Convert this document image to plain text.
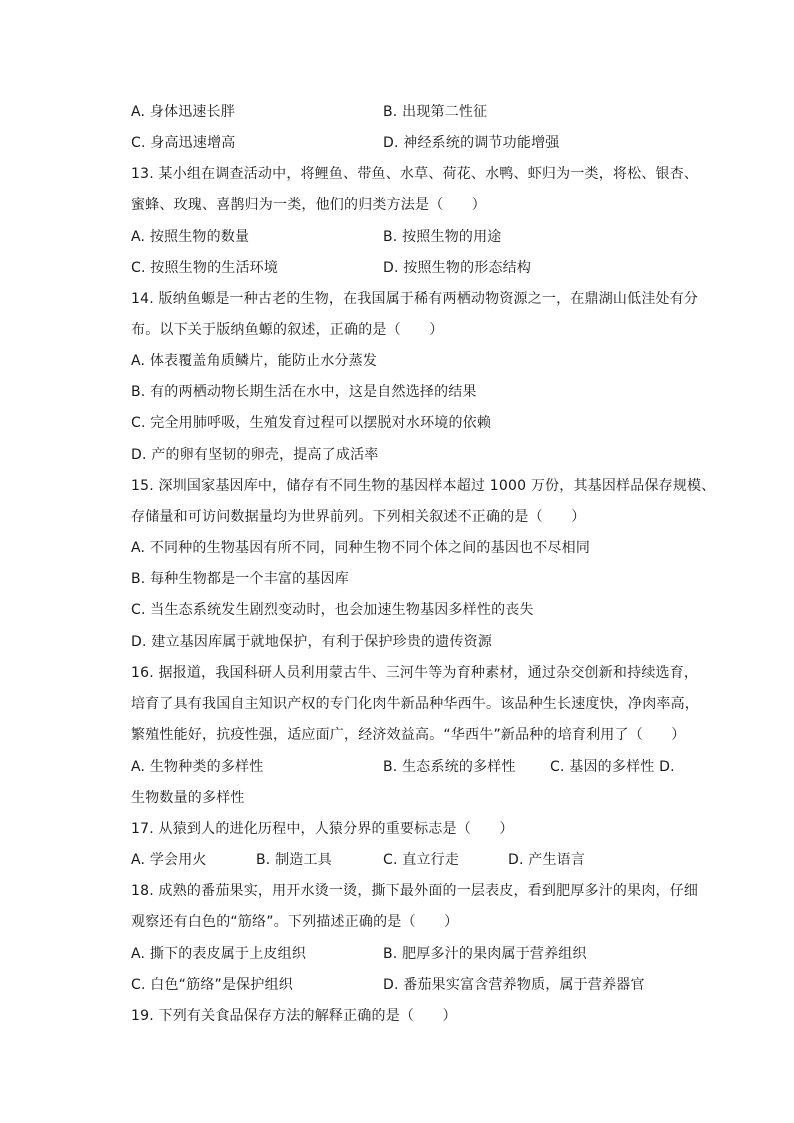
A. 身体迅速长胖	B. 出现第二性征
C. 身高迅速增高	D. 神经系统的调节功能增强
13. 某小组在调查活动中，将鲤鱼、带鱼、水草、荷花、水鸭、虾归为一类，将松、银杏、
蜜蜂、玫瑰、喜鹊归为一类，他们的归类方法是（　　）
A. 按照生物的数量	B. 按照生物的用途
C. 按照生物的生活环境	D. 按照生物的形态结构
14. 版纳鱼螈是一种古老的生物，在我国属于稀有两栖动物资源之一，在鼎湖山低洼处有分
布。以下关于版纳鱼螈的叙述，正确的是（　　）
A. 体表覆盖角质鳞片，能防止水分蒸发
B. 有的两栖动物长期生活在水中，这是自然选择的结果
C. 完全用肺呼吸，生殖发育过程可以摆脱对水环境的依赖
D. 产的卵有坚韧的卵壳，提高了成活率
15. 深圳国家基因库中，储存有不同生物的基因样本超过 1000 万份，其基因样品保存规模、
存储量和可访问数据量均为世界前列。下列相关叙述不正确的是（　　）
A. 不同种的生物基因有所不同，同种生物不同个体之间的基因也不尽相同
B. 每种生物都是一个丰富的基因库
C. 当生态系统发生剧烈变动时，也会加速生物基因多样性的丧失
D. 建立基因库属于就地保护，有利于保护珍贵的遗传资源
16. 据报道，我国科研人员利用蒙古牛、三河牛等为育种素材，通过杂交创新和持续选育，
培育了具有我国自主知识产权的专门化肉牛新品种华西牛。该品种生长速度快，净肉率高，
繁殖性能好，抗疫性强，适应面广，经济效益高。“华西牛”新品种的培育利用了（　　）
A. 生物种类的多样性	B. 生态系统的多样性 C. 基因的多样性 D.
生物数量的多样性
17. 从猿到人的进化历程中，人猿分界的重要标志是（　　）
A. 学会用火	B. 制造工具	C. 直立行走	D. 产生语言
18. 成熟的番茄果实，用开水烫一烫，撕下最外面的一层表皮，看到肥厚多汁的果肉，仔细
观察还有白色的“筋络”。下列描述正确的是（　　）
A. 撕下的表皮属于上皮组织	B. 肥厚多汁的果肉属于营养组织
C. 白色“筋络”是保护组织	D. 番茄果实富含营养物质，属于营养器官
19. 下列有关食品保存方法的解释正确的是（　　）
